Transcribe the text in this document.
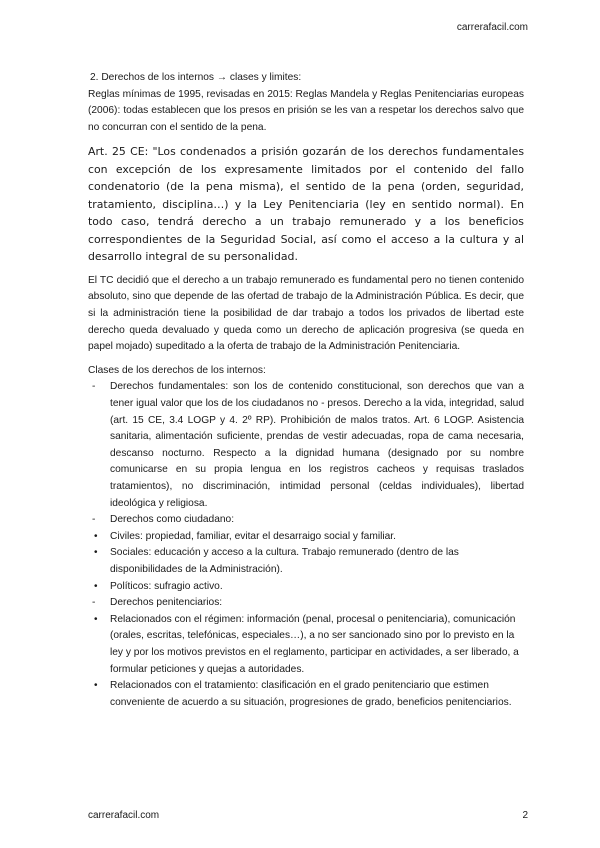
carrerafacil.com

2. Derechos de los internos → clases y limites:

Reglas mínimas de 1995, revisadas en 2015: Reglas Mandela y Reglas Penitenciarias europeas (2006): todas establecen que los presos en prisión se les van a respetar los derechos salvo que no concurran con el sentido de la pena.

Art. 25 CE: "Los condenados a prisión gozarán de los derechos fundamentales con excepción de los expresamente limitados por el contenido del fallo condenatorio (de la pena misma), el sentido de la pena (orden, seguridad, tratamiento, disciplina…) y la Ley Penitenciaria (ley en sentido normal). En todo caso, tendrá derecho a un trabajo remunerado y a los beneficios correspondientes de la Seguridad Social, así como el acceso a la cultura y al desarrollo integral de su personalidad.

El TC decidió que el derecho a un trabajo remunerado es fundamental pero no tienen contenido absoluto, sino que depende de las ofertad de trabajo de la Administración Pública. Es decir, que si la administración tiene la posibilidad de dar trabajo a todos los privados de libertad este derecho queda devaluado y queda como un derecho de aplicación progresiva (se queda en papel mojado) supeditado a la oferta de trabajo de la Administración Penitenciaria.

Clases de los derechos de los internos:

- Derechos fundamentales: son los de contenido constitucional, son derechos que van a tener igual valor que los de los ciudadanos no - presos. Derecho a la vida, integridad, salud (art. 15 CE, 3.4 LOGP y 4. 2º RP). Prohibición de malos tratos. Art. 6 LOGP. Asistencia sanitaria, alimentación suficiente, prendas de vestir adecuadas, ropa de cama necesaria, descanso nocturno. Respecto a la dignidad humana (designado por su nombre comunicarse en su propia lengua en los registros cacheos y requisas traslados tratamientos), no discriminación, intimidad personal (celdas individuales), libertad ideológica y religiosa.
- Derechos como ciudadano:
• Civiles: propiedad, familiar, evitar el desarraigo social y familiar.
• Sociales: educación y acceso a la cultura. Trabajo remunerado (dentro de las disponibilidades de la Administración).
• Políticos: sufragio activo.
- Derechos penitenciarios:
• Relacionados con el régimen: información (penal, procesal o penitenciaria), comunicación (orales, escritas, telefónicas, especiales…), a no ser sancionado sino por lo previsto en la ley y por los motivos previstos en el reglamento, participar en actividades, a ser liberado, a formular peticiones y quejas a autoridades.
• Relacionados con el tratamiento: clasificación en el grado penitenciario que estimen conveniente de acuerdo a su situación, progresiones de grado, beneficios penitenciarios.
carrerafacil.com	2
